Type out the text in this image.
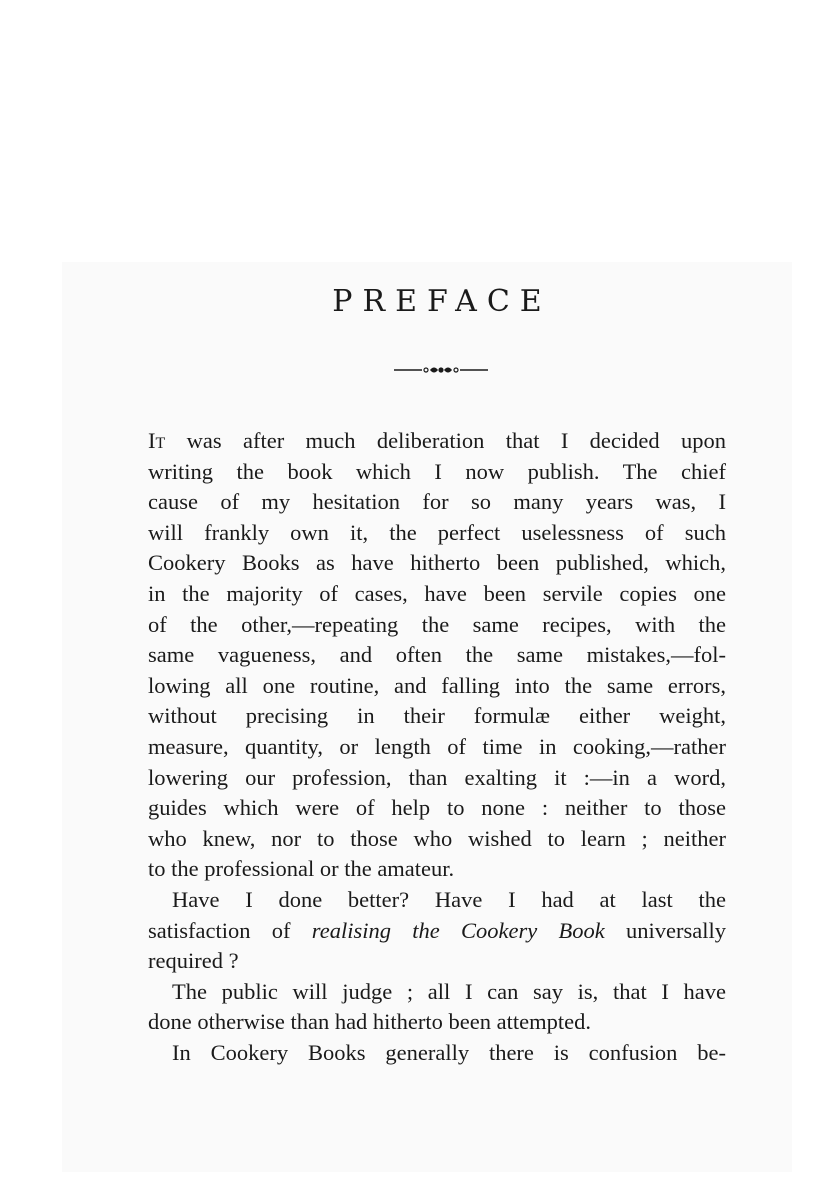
PREFACE
It was after much deliberation that I decided upon
writing the book which I now publish. The chief
cause of my hesitation for so many years was, I
will frankly own it, the perfect uselessness of such
Cookery Books as have hitherto been published, which,
in the majority of cases, have been servile copies one
of the other,—repeating the same recipes, with the
same vagueness, and often the same mistakes,—fol-
lowing all one routine, and falling into the same errors,
without precising in their formulæ either weight,
measure, quantity, or length of time in cooking,—rather
lowering our profession, than exalting it :—in a word,
guides which were of help to none : neither to those
who knew, nor to those who wished to learn ; neither
to the professional or the amateur.
Have I done better? Have I had at last the
satisfaction of realising the Cookery Book universally
required ?
The public will judge ; all I can say is, that I have
done otherwise than had hitherto been attempted.
In Cookery Books generally there is confusion be-
